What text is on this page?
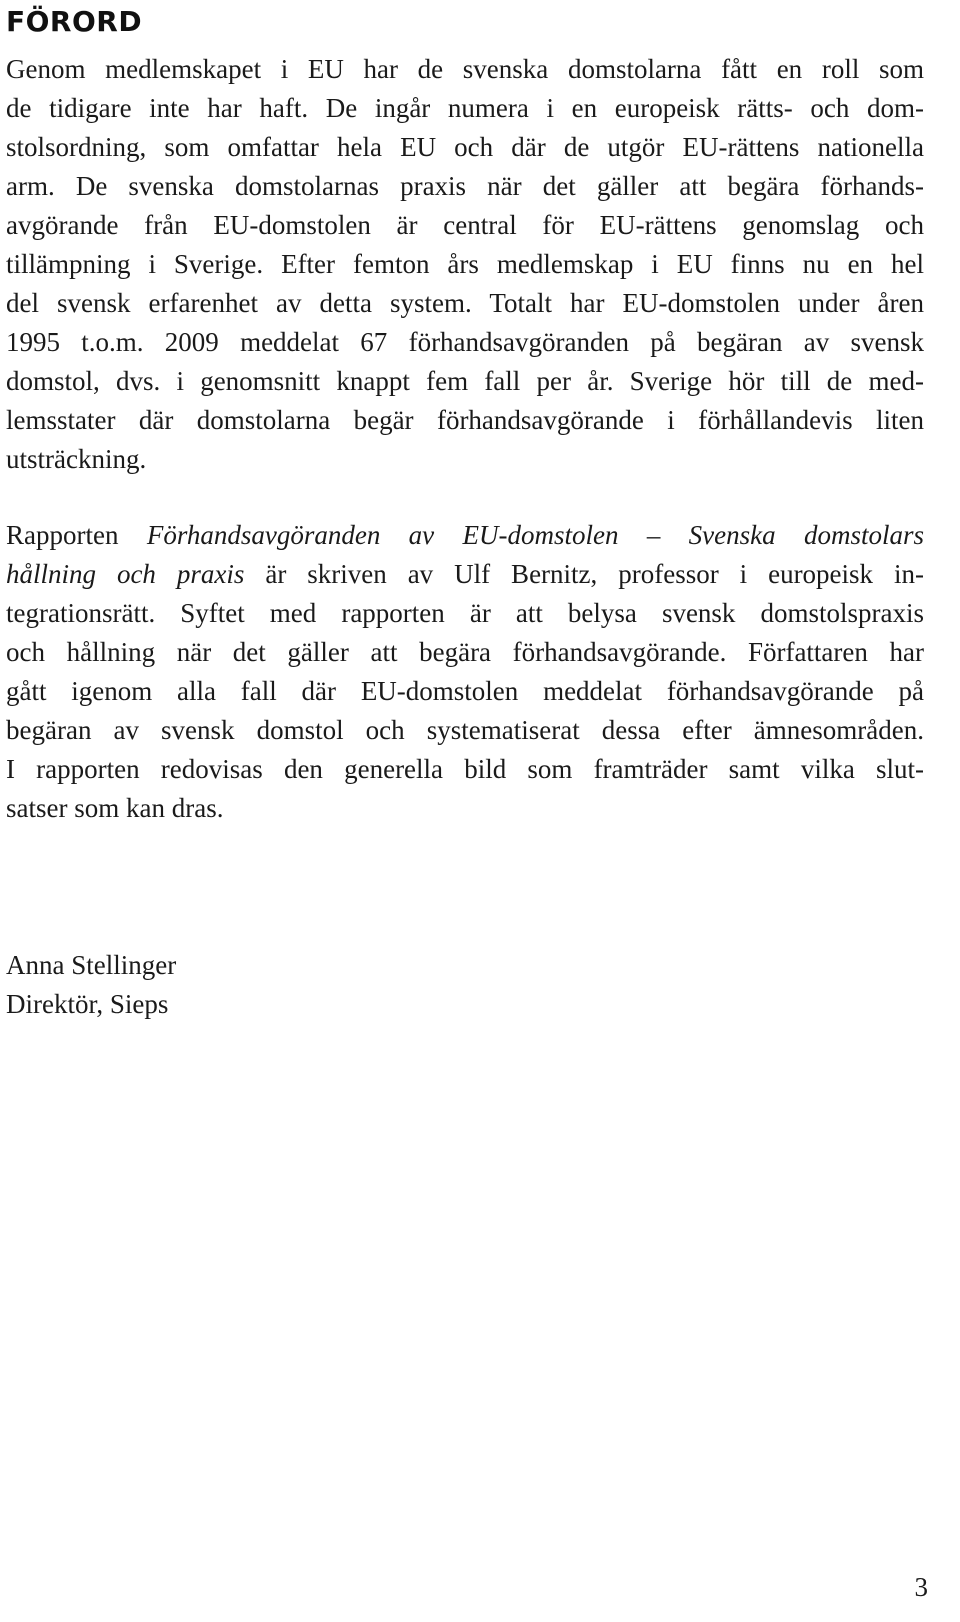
FÖRORD

Genom medlemskapet i EU har de svenska domstolarna fått en roll som
de tidigare inte har haft. De ingår numera i en europeisk rätts- och dom-
stolsordning, som omfattar hela EU och där de utgör EU-rättens nationella
arm. De svenska domstolarnas praxis när det gäller att begära förhands-
avgörande från EU-domstolen är central för EU-rättens genomslag och
tillämpning i Sverige. Efter femton års medlemskap i EU finns nu en hel
del svensk erfarenhet av detta system. Totalt har EU-domstolen under åren
1995 t.o.m. 2009 meddelat 67 förhandsavgöranden på begäran av svensk
domstol, dvs. i genomsnitt knappt fem fall per år. Sverige hör till de med-
lemsstater där domstolarna begär förhandsavgörande i förhållandevis liten
utsträckning.

Rapporten Förhandsavgöranden av EU-domstolen – Svenska domstolars
hållning och praxis är skriven av Ulf Bernitz, professor i europeisk in-
tegrationsrätt. Syftet med rapporten är att belysa svensk domstolspraxis
och hållning när det gäller att begära förhandsavgörande. Författaren har
gått igenom alla fall där EU-domstolen meddelat förhandsavgörande på
begäran av svensk domstol och systematiserat dessa efter ämnesområden.
I rapporten redovisas den generella bild som framträder samt vilka slut-
satser som kan dras.

Anna Stellinger
Direktör, Sieps
3
